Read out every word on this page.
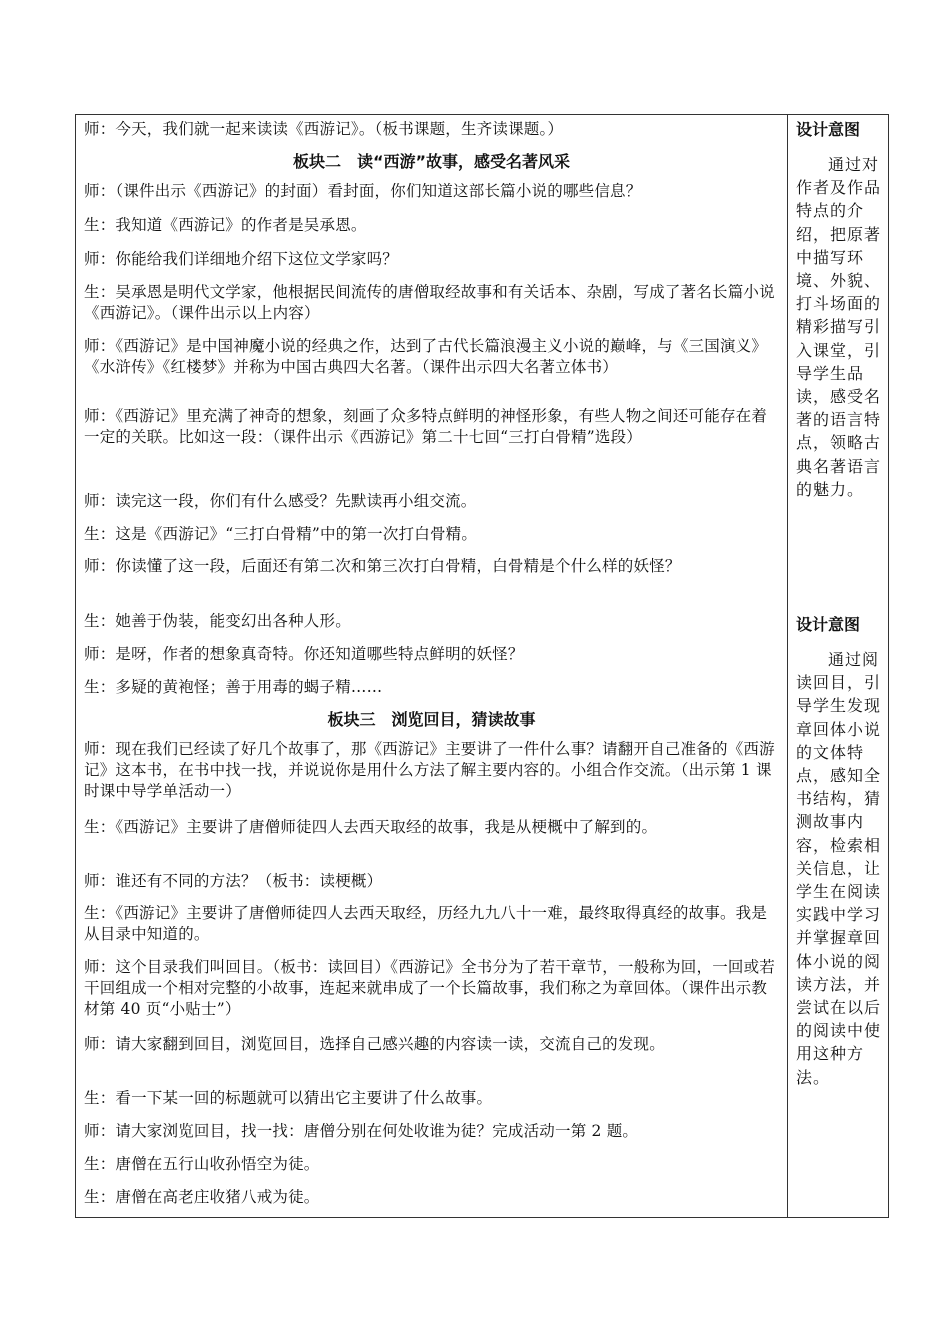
师：今天，我们就一起来读读《西游记》。（板书课题，生齐读课题。）
师：（课件出示《西游记》的封面）看封面，你们知道这部长篇小说的哪些信息？
生：我知道《西游记》的作者是吴承恩。
师：你能给我们详细地介绍下这位文学家吗？
生：吴承恩是明代文学家，他根据民间流传的唐僧取经故事和有关话本、杂剧，写成了著名长篇小说《西游记》。（课件出示以上内容）
师：《西游记》是中国神魔小说的经典之作，达到了古代长篇浪漫主义小说的巅峰，与《三国演义》《水浒传》《红楼梦》并称为中国古典四大名著。（课件出示四大名著立体书）
师：《西游记》里充满了神奇的想象，刻画了众多特点鲜明的神怪形象，有些人物之间还可能存在着一定的关联。比如这一段：（课件出示《西游记》第二十七回“三打白骨精”选段）
师：读完这一段，你们有什么感受？先默读再小组交流。
生：这是《西游记》“三打白骨精”中的第一次打白骨精。
师：你读懂了这一段，后面还有第二次和第三次打白骨精，白骨精是个什么样的妖怪？
生：她善于伪装，能变幻出各种人形。
师：是呀，作者的想象真奇特。你还知道哪些特点鲜明的妖怪？
生：多疑的黄袍怪；善于用毒的蝎子精……
师：现在我们已经读了好几个故事了，那《西游记》主要讲了一件什么事？请翻开自己准备的《西游记》这本书，在书中找一找，并说说你是用什么方法了解主要内容的。小组合作交流。（出示第 1 课时课中导学单活动一）
生：《西游记》主要讲了唐僧师徒四人去西天取经的故事，我是从梗概中了解到的。
师：谁还有不同的方法？（板书：读梗概）
生：《西游记》主要讲了唐僧师徒四人去西天取经，历经九九八十一难，最终取得真经的故事。我是从目录中知道的。
师：这个目录我们叫回目。（板书：读回目）《西游记》全书分为了若干章节，一般称为回，一回或若干回组成一个相对完整的小故事，连起来就串成了一个长篇故事，我们称之为章回体。（课件出示教材第 40 页“小贴士”）
师：请大家翻到回目，浏览回目，选择自己感兴趣的内容读一读，交流自己的发现。
生：看一下某一回的标题就可以猜出它主要讲了什么故事。
师：请大家浏览回目，找一找：唐僧分别在何处收谁为徒？完成活动一第 2 题。
生：唐僧在五行山收孙悟空为徒。
生：唐僧在高老庄收猪八戒为徒。
板块二　读“西游”故事，感受名著风采
板块三　浏览回目，猜读故事
设计意图
通过对作者及作品特点的介绍，把原著中描写环境、外貌、打斗场面的精彩描写引入课堂，引导学生品读，感受名著的语言特点，领略古典名著语言的魅力。
设计意图
通过阅读回目，引导学生发现章回体小说的文体特点，感知全书结构，猜测故事内容，检索相关信息，让学生在阅读实践中学习并掌握章回体小说的阅读方法，并尝试在以后的阅读中使用这种方法。
